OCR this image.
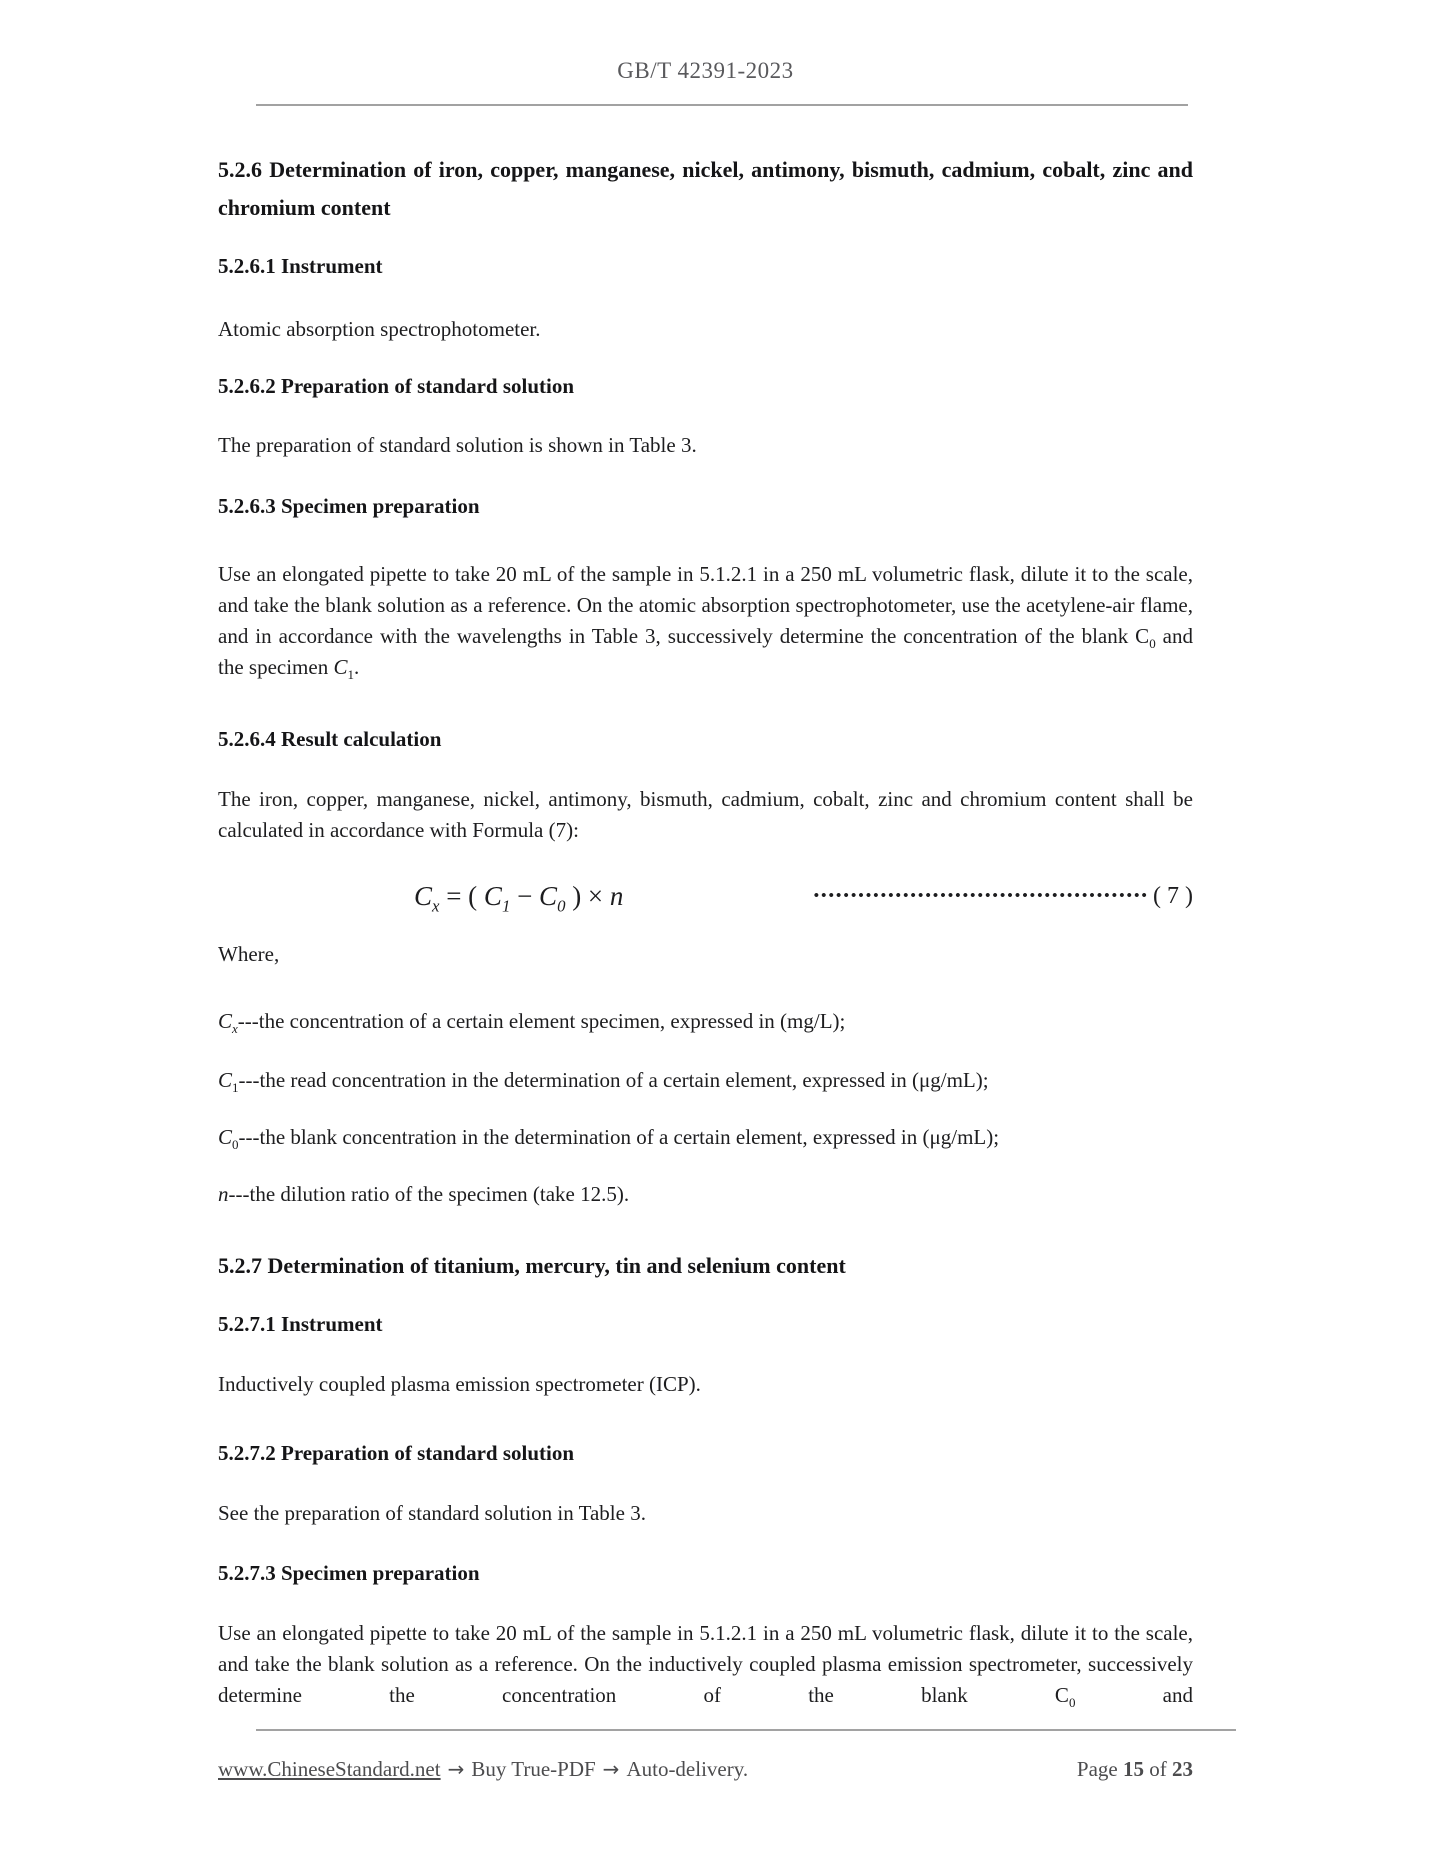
GB/T 42391-2023
5.2.6 Determination of iron, copper, manganese, nickel, antimony, bismuth, cadmium, cobalt, zinc and chromium content
5.2.6.1 Instrument

Atomic absorption spectrophotometer.

5.2.6.2 Preparation of standard solution

The preparation of standard solution is shown in Table 3.

5.2.6.3 Specimen preparation

Use an elongated pipette to take 20 mL of the sample in 5.1.2.1 in a 250 mL volumetric flask, dilute it to the scale, and take the blank solution as a reference. On the atomic absorption spectrophotometer, use the acetylene-air flame, and in accordance with the wavelengths in Table 3, successively determine the concentration of the blank $C_0$ and the specimen $C_1$.

5.2.6.4 Result calculation

The iron, copper, manganese, nickel, antimony, bismuth, cadmium, cobalt, zinc and chromium content shall be calculated in accordance with Formula (7):

$C_x$ = ( $C_1 - C_0$ ) × n	••••••••••••••••••••••••••••••••••••••••••••• ( 7 )

Where,

$C_x--$-the concentration of a certain element specimen, expressed in (mg/L);

$C_1--$-the read concentration in the determination of a certain element, expressed in (μg/mL);

$C_0--$-the blank concentration in the determination of a certain element, expressed in (μg/mL);

n---the dilution ratio of the specimen (take 12.5).

5.2.7 Determination of titanium, mercury, tin and selenium content
5.2.7.1 Instrument

Inductively coupled plasma emission spectrometer (ICP).

5.2.7.2 Preparation of standard solution

See the preparation of standard solution in Table 3.

5.2.7.3 Specimen preparation

Use an elongated pipette to take 20 mL of the sample in 5.1.2.1 in a 250 mL volumetric flask, dilute it to the scale, and take the blank solution as a reference. On the inductively coupled plasma emission spectrometer, successively determine the concentration of the blank $C_0$ and

www.ChineseStandard.net → Buy True-PDF → Auto-delivery.	Page 15 of 23
